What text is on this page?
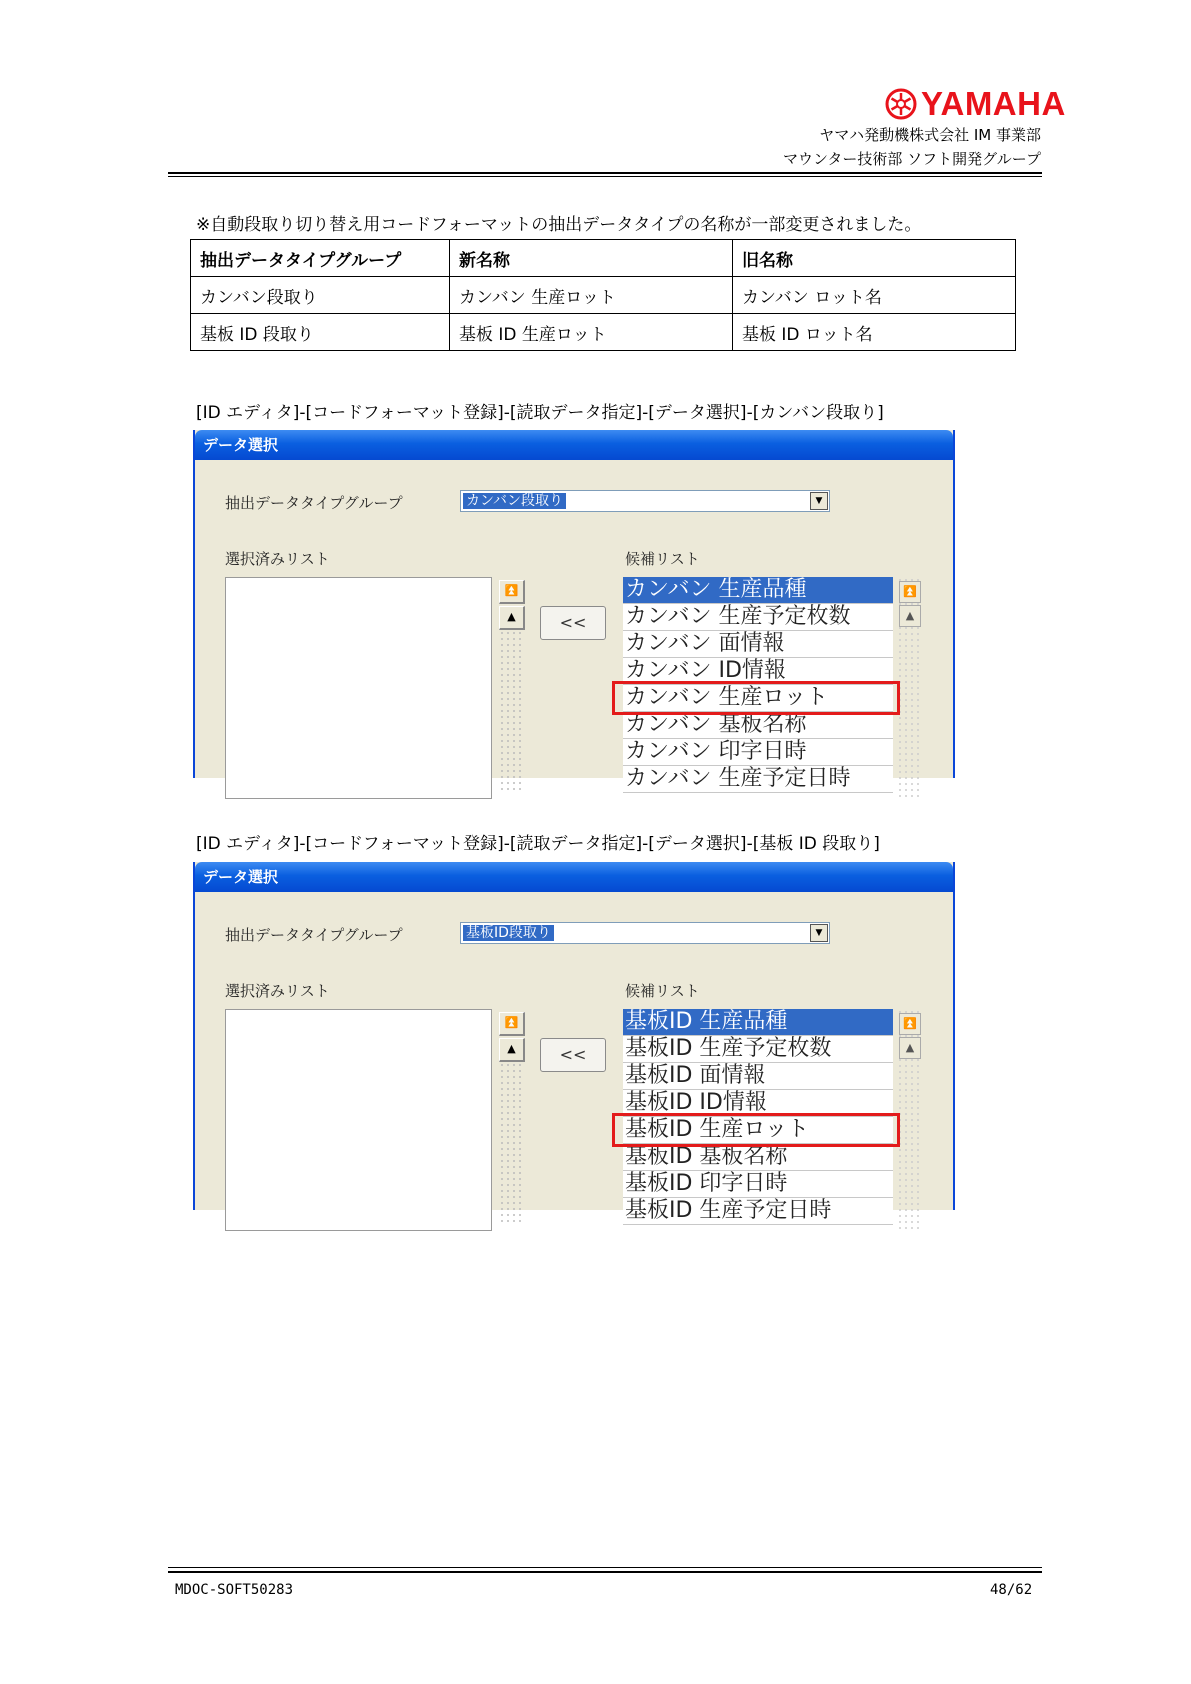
YAMAHA
ヤマハ発動機株式会社 IM 事業部
マウンター技術部 ソフト開発グループ
※自動段取り切り替え用コードフォーマットの抽出データタイプの名称が一部変更されました。
抽出データタイプグループ	新名称	旧名称
カンバン段取り	カンバン 生産ロット	カンバン ロット名
基板 ID 段取り	基板 ID 生産ロット	基板 ID ロット名
[ID エディタ]-[コードフォーマット登録]-[読取データ指定]-[データ選択]-[カンバン段取り]
データ選択
抽出データタイプグループ	カンバン段取り	▼
選択済みリスト	候補リスト
⏫
▲	<<
カンバン 生産品種
カンバン 生産予定枚数
カンバン 面情報
カンバン ID情報
カンバン 生産ロット
カンバン 基板名称
カンバン 印字日時
カンバン 生産予定日時
⏫
▲
[ID エディタ]-[コードフォーマット登録]-[読取データ指定]-[データ選択]-[基板 ID 段取り]
データ選択
抽出データタイプグループ	基板ID段取り	▼
選択済みリスト	候補リスト
⏫
▲	<<
基板ID 生産品種
基板ID 生産予定枚数
基板ID 面情報
基板ID ID情報
基板ID 生産ロット
基板ID 基板名称
基板ID 印字日時
基板ID 生産予定日時
⏫
▲
MDOC-SOFT50283	48/62
